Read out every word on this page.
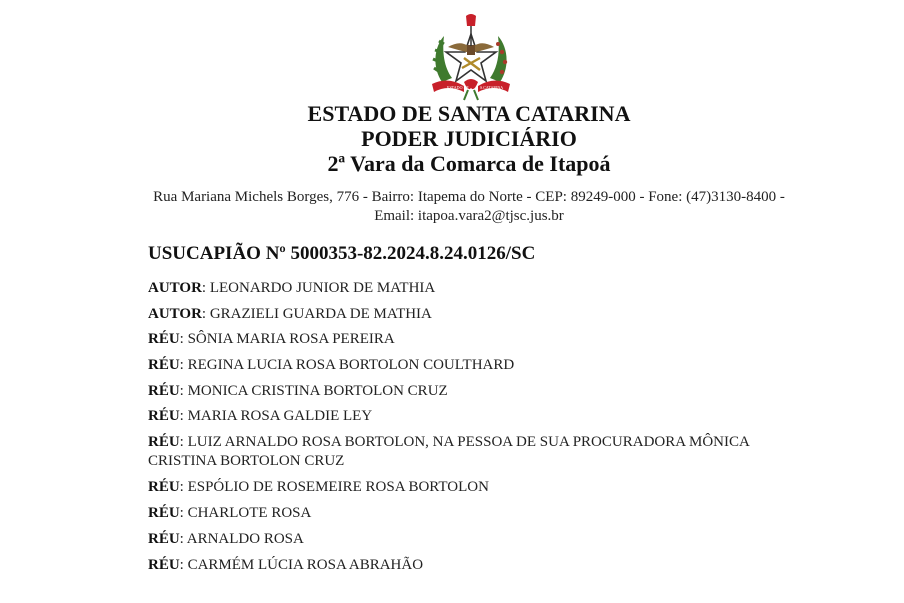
ESTADO DE	S.CATARINA
ESTADO DE SANTA CATARINA
PODER JUDICIÁRIO
2ª Vara da Comarca de Itapoá
Rua Mariana Michels Borges, 776 - Bairro: Itapema do Norte - CEP: 89249-000 - Fone: (47)3130-8400 -
Email: itapoa.vara2@tjsc.jus.br
USUCAPIÃO Nº 5000353-82.2024.8.24.0126/SC
AUTOR: LEONARDO JUNIOR DE MATHIA
AUTOR: GRAZIELI GUARDA DE MATHIA
RÉU: SÔNIA MARIA ROSA PEREIRA
RÉU: REGINA LUCIA ROSA BORTOLON COULTHARD
RÉU: MONICA CRISTINA BORTOLON CRUZ
RÉU: MARIA ROSA GALDIE LEY
RÉU: LUIZ ARNALDO ROSA BORTOLON, NA PESSOA DE SUA PROCURADORA MÔNICA CRISTINA BORTOLON CRUZ
RÉU: ESPÓLIO DE ROSEMEIRE ROSA BORTOLON
RÉU: CHARLOTE ROSA
RÉU: ARNALDO ROSA
RÉU: CARMÉM LÚCIA ROSA ABRAHÃO
